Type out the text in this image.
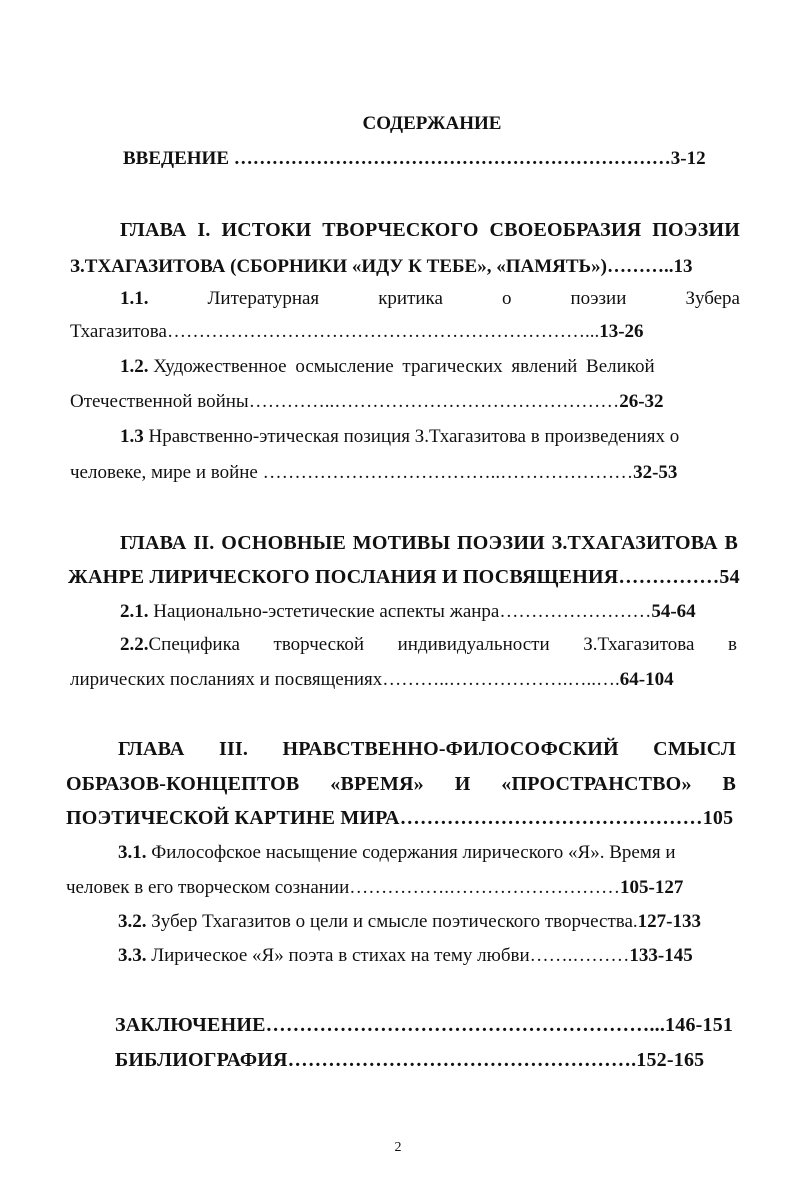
СОДЕРЖАНИЕ
ВВЕДЕНИЕ ……………………………………………………………3-12
ГЛАВА I. ИСТОКИ ТВОРЧЕСКОГО СВОЕОБРАЗИЯ ПОЭЗИИ
З.ТХАГАЗИТОВА (СБОРНИКИ «ИДУ К ТЕБЕ», «ПАМЯТЬ»)………..13
1.1.	Литературная	критика	о	поэзии	Зубера
Тхагазитова…………………………………………………………...13-26
1.2. Художественное осмысление трагических явлений Великой
Отечественной войны…………..………………………………………26-32
1.3 Нравственно-этическая позиция З.Тхагазитова в произведениях о
человеке, мире и войне ………………………………..…………………32-53
ГЛАВА II. ОСНОВНЫЕ МОТИВЫ ПОЭЗИИ З.ТХАГАЗИТОВА В
ЖАНРЕ ЛИРИЧЕСКОГО ПОСЛАНИЯ И ПОСВЯЩЕНИЯ……………54
2.1. Национально-эстетические аспекты жанра……………………54-64
2.2.Специфика творческой индивидуальности З.Тхагазитова в
лирических посланиях и посвящениях………..……………….…..….64-104
ГЛАВА III. НРАВСТВЕННО-ФИЛОСОФСКИЙ СМЫСЛ
ОБРАЗОВ-КОНЦЕПТОВ «ВРЕМЯ» И «ПРОСТРАНСТВО» В
ПОЭТИЧЕСКОЙ КАРТИНЕ МИРА………………………………………105
3.1. Философское насыщение содержания лирического «Я». Время и
человек в его творческом сознании…………….………………………105-127
3.2. Зубер Тхагазитов о цели и смысле поэтического творчества.127-133
3.3. Лирическое «Я» поэта в стихах на тему любви…….………133-145
ЗАКЛЮЧЕНИЕ…………………………………………………...146-151
БИБЛИОГРАФИЯ…………………………………………….152-165
2
